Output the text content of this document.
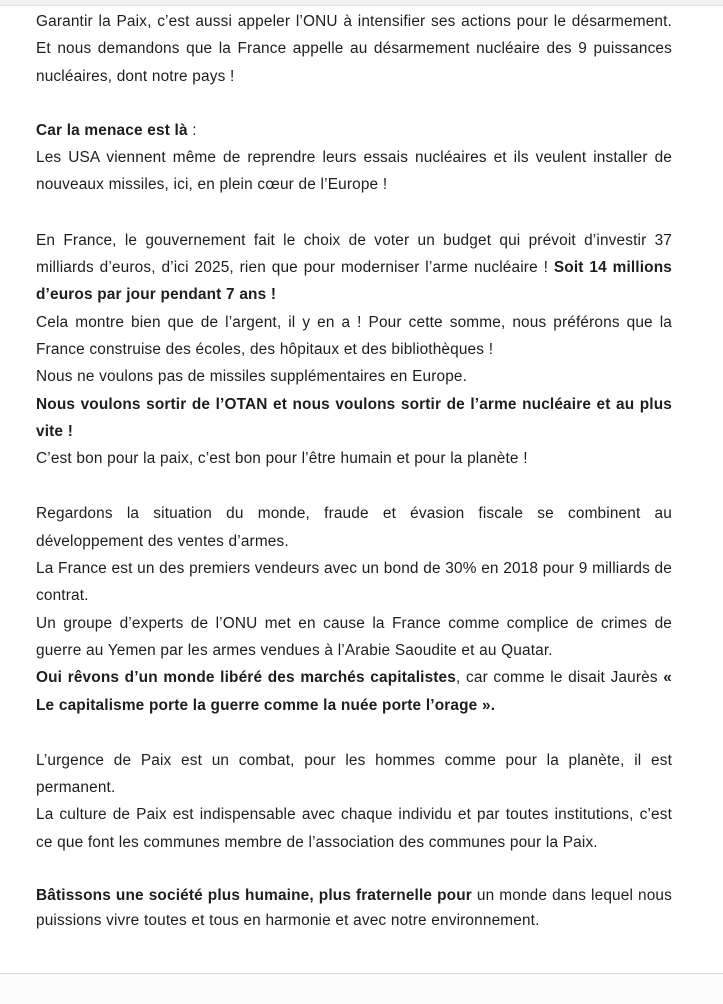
Garantir la Paix, c’est aussi appeler l’ONU à intensifier ses actions pour le désarmement. Et nous demandons que la France appelle au désarmement nucléaire des 9 puissances nucléaires, dont notre pays !

Car la menace est là :

Les USA viennent même de reprendre leurs essais nucléaires et ils veulent installer de nouveaux missiles, ici, en plein cœur de l’Europe !

En France, le gouvernement fait le choix de voter un budget qui prévoit d’investir 37 milliards d’euros, d’ici 2025, rien que pour moderniser l’arme nucléaire ! Soit 14 millions d’euros par jour pendant 7 ans !

Cela montre bien que de l’argent, il y en a ! Pour cette somme, nous préférons que la France construise des écoles, des hôpitaux et des bibliothèques !

Nous ne voulons pas de missiles supplémentaires en Europe.

Nous voulons sortir de l’OTAN et nous voulons sortir de l’arme nucléaire et au plus vite !

C’est bon pour la paix, c’est bon pour l’être humain et pour la planète !

Regardons la situation du monde, fraude et évasion fiscale se combinent au développement des ventes d’armes.

La France est un des premiers vendeurs avec un bond de 30% en 2018 pour 9 milliards de contrat.

Un groupe d’experts de l’ONU met en cause la France comme complice de crimes de guerre au Yemen par les armes vendues à l’Arabie Saoudite et au Quatar.

Oui rêvons d’un monde libéré des marchés capitalistes, car comme le disait Jaurès « Le capitalisme porte la guerre comme la nuée porte l’orage ».

L’urgence de Paix est un combat, pour les hommes comme pour la planète, il est permanent.

La culture de Paix est indispensable avec chaque individu et par toutes institutions, c’est ce que font les communes membre de l’association des communes pour la Paix.

Bâtissons une société plus humaine, plus fraternelle pour un monde dans lequel nous puissions vivre toutes et tous en harmonie et avec notre environnement.
